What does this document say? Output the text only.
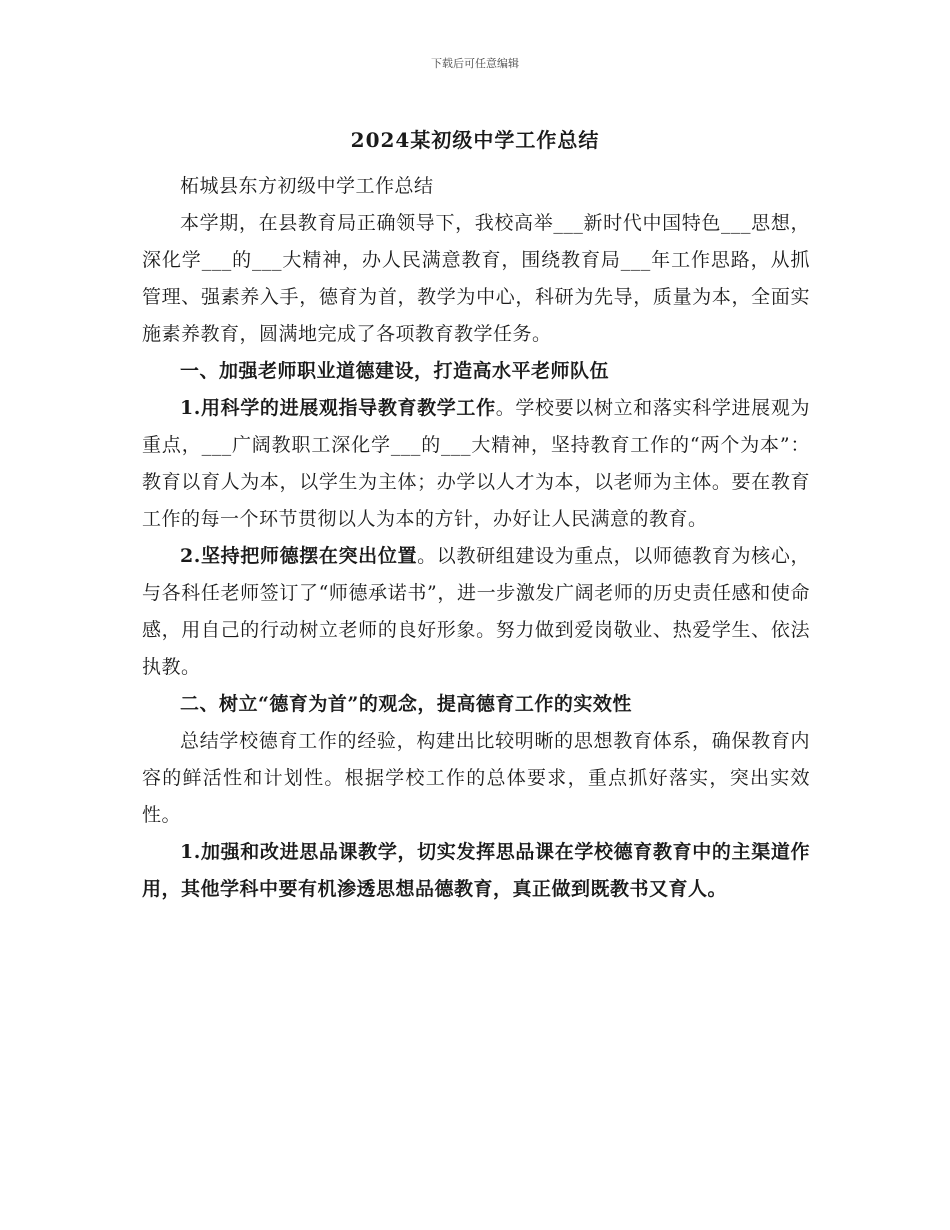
下载后可任意编辑
2024某初级中学工作总结

柘城县东方初级中学工作总结

本学期，在县教育局正确领导下，我校高举___新时代中国特色___思想，深化学___的___大精神，办人民满意教育，围绕教育局___年工作思路，从抓管理、强素养入手，德育为首，教学为中心，科研为先导，质量为本，全面实施素养教育，圆满地完成了各项教育教学任务。

一、加强老师职业道德建设，打造高水平老师队伍

1.用科学的进展观指导教育教学工作。学校要以树立和落实科学进展观为重点，___广阔教职工深化学___的___大精神，坚持教育工作的“两个为本”：教育以育人为本，以学生为主体；办学以人才为本，以老师为主体。要在教育工作的每一个环节贯彻以人为本的方针，办好让人民满意的教育。

2.坚持把师德摆在突出位置。以教研组建设为重点，以师德教育为核心，与各科任老师签订了“师德承诺书”，进一步激发广阔老师的历史责任感和使命感，用自己的行动树立老师的良好形象。努力做到爱岗敬业、热爱学生、依法执教。

二、树立“德育为首”的观念，提高德育工作的实效性

总结学校德育工作的经验，构建出比较明晰的思想教育体系，确保教育内容的鲜活性和计划性。根据学校工作的总体要求，重点抓好落实，突出实效性。

1.加强和改进思品课教学，切实发挥思品课在学校德育教育中的主渠道作用，其他学科中要有机渗透思想品德教育，真正做到既教书又育人。
